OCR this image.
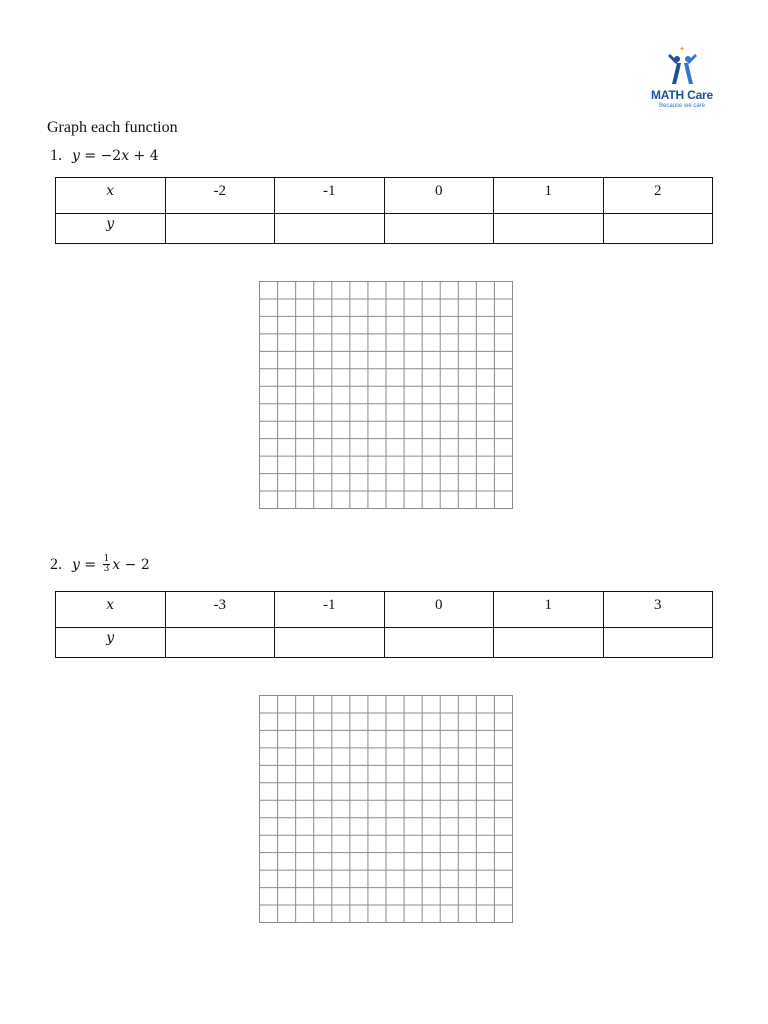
✦
MATH Care
Because we care
Graph each function
1. y = −2x + 4
x	-2	-1	0	1	2
y					
2. $y = \frac{1}{3}$ x − 2
x	-3	-1	0	1	3
y					
